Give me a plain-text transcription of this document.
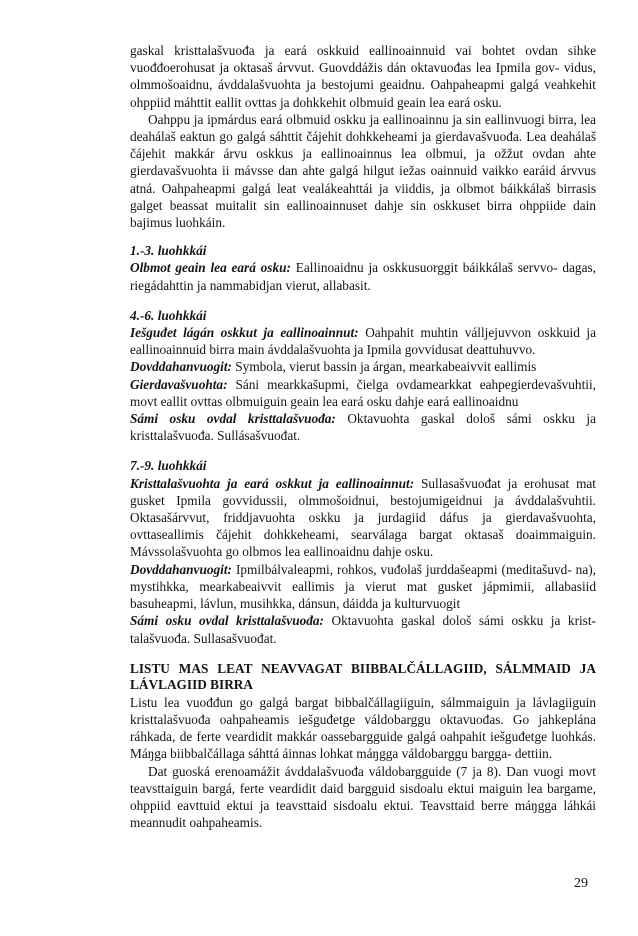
gaskal kristtalašvuođa ja eará oskkuid eallinoainnuid vai bohtet ovdan sihke vuođđoerohusat ja oktasaš árvvut. Guovddážis dán oktavuođas lea Ipmila gov- vidus, olmmošoaidnu, ávddalašvuohta ja bestojumi geaidnu. Oahpaheapmi galgá veahkehit ohppiid máhttit eallit ovttas ja dohkkehit olbmuid geain lea eará osku.

Oahppu ja ipmárdus eará olbmuid oskku ja eallinoainnu ja sin eallinvuogi birra, lea deahálaš eaktun go galgá sáhttit čájehit dohkkeheami ja gierdavašvuođa. Lea deahálaš čájehit makkár árvu oskkus ja eallinoainnus lea olbmui, ja ožžut ovdan ahte gierdavašvuohta ii mávsse dan ahte galgá hilgut iežas oainnuid vaikko earáid árvvus atná. Oahpaheapmi galgá leat vealákeahttái ja viiddis, ja olbmot báikkálaš birrasis galget beassat muitalit sin eallinoainnuset dahje sin oskkuset birra ohppiide dain bajimus luohkáin.

1.-3. luohkkái

Olbmot geain lea eará osku: Eallinoaidnu ja oskkusuorggit báikkálaš servvo- dagas, riegádahttin ja nammabidjan vierut, allabasit.

4.-6. luohkkái

Iešguđet lágán oskkut ja eallinoainnut: Oahpahit muhtin válljejuvvon oskkuid ja eallinoainnuid birra main ávddalašvuohta ja Ipmila govvidusat deattuhuvvo.

Dovddahanvuogit: Symbola, vierut bassin ja árgan, mearkabeaivvit eallimis

Gierdavašvuohta: Sáni mearkkašupmi, čielga ovdamearkkat eahpegierdevašvuhtii, movt eallit ovttas olbmuiguin geain lea eará osku dahje eará eallinoaidnu

Sámi osku ovdal kristtalašvuođa: Oktavuohta gaskal dološ sámi oskku ja kristtalašvuođa. Sullásašvuođat.

7.-9. luohkkái

Kristtalašvuohta ja eará oskkut ja eallinoainnut: Sullasašvuođat ja erohusat mat gusket Ipmila govvidussii, olmmošoidnui, bestojumigeidnui ja ávddalašvuhtii. Oktasašárvvut, friddjavuohta oskku ja jurdagiid dáfus ja gierdavašvuohta, ovttaseallimis čájehit dohkkeheami, searválaga bargat oktasaš doaimmaiguin. Mávssolašvuohta go olbmos lea eallinoaidnu dahje osku.

Dovddahanvuogit: Ipmilbálvaleapmi, rohkos, vuđolaš jurddašeapmi (meditašuvd- na), mystihkka, mearkabeaivvit eallimis ja vierut mat gusket jápmimii, allabasiid basuheapmi, lávlun, musihkka, dánsun, dáidda ja kulturvuogit

Sámi osku ovdal kristtalašvuođa: Oktavuohta gaskal dološ sámi oskku ja krist- talašvuođa. Sullasašvuođat.

LISTU MAS LEAT NEAVVAGAT BIIBBALČÁLLAGIID, SÁLMMAID JA LÁVLAGIID BIRRA

Listu lea vuođđun go galgá bargat bibbalčállagiiguin, sálmmaiguin ja lávlagiiguin kristtalašvuođa oahpaheamis iešguđetge váldobarggu oktavuođas. Go jahkeplána ráhkada, de ferte veardidit makkár oassebargguide galgá oahpahit iešguđetge luohkás. Máŋga biibbalčállaga sáhttá áinnas lohkat máŋgga váldobarggu bargga- dettiin.

Dat guoská erenoamážit ávddalašvuođa váldobargguide (7 ja 8). Dan vuogi movt teavsttaiguin bargá, ferte veardidit daid bargguid sisdoalu ektui maiguin lea bargame, ohppiid eavttuid ektui ja teavsttaid sisdoalu ektui. Teavsttaid berre máŋgga láhkái meannudit oahpaheamis.

29
